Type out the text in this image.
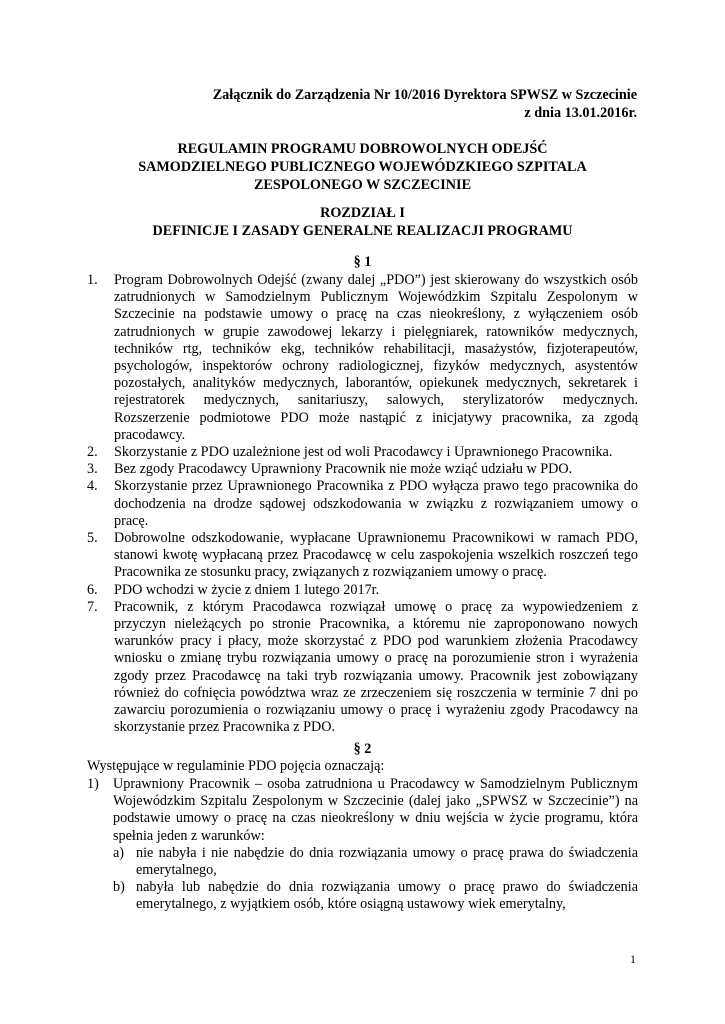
Załącznik do Zarządzenia Nr 10/2016 Dyrektora SPWSZ w Szczecinie
z dnia 13.01.2016r.
REGULAMIN PROGRAMU DOBROWOLNYCH ODEJŚĆ
SAMODZIELNEGO PUBLICZNEGO WOJEWÓDZKIEGO SZPITALA
ZESPOLONEGO W SZCZECINIE
ROZDZIAŁ I
DEFINICJE I ZASADY GENERALNE REALIZACJI PROGRAMU
§ 1
1. Program Dobrowolnych Odejść (zwany dalej „PDO”) jest skierowany do wszystkich osób zatrudnionych w Samodzielnym Publicznym Wojewódzkim Szpitalu Zespolonym w Szczecinie na podstawie umowy o pracę na czas nieokreślony, z wyłączeniem osób zatrudnionych w grupie zawodowej lekarzy i pielęgniarek, ratowników medycznych, techników rtg, techników ekg, techników rehabilitacji, masażystów, fizjoterapeutów, psychologów, inspektorów ochrony radiologicznej, fizyków medycznych, asystentów pozostałych, analityków medycznych, laborantów, opiekunek medycznych, sekretarek i rejestratorek medycznych, sanitariuszy, salowych, sterylizatorów medycznych. Rozszerzenie podmiotowe PDO może nastąpić z inicjatywy pracownika, za zgodą pracodawcy.
2. Skorzystanie z PDO uzależnione jest od woli Pracodawcy i Uprawnionego Pracownika.
3. Bez zgody Pracodawcy Uprawniony Pracownik nie może wziąć udziału w PDO.
4. Skorzystanie przez Uprawnionego Pracownika z PDO wyłącza prawo tego pracownika do dochodzenia na drodze sądowej odszkodowania w związku z rozwiązaniem umowy o pracę.
5. Dobrowolne odszkodowanie, wypłacane Uprawnionemu Pracownikowi w ramach PDO, stanowi kwotę wypłacaną przez Pracodawcę w celu zaspokojenia wszelkich roszczeń tego Pracownika ze stosunku pracy, związanych z rozwiązaniem umowy o pracę.
6. PDO wchodzi w życie z dniem 1 lutego 2017r.
7. Pracownik, z którym Pracodawca rozwiązał umowę o pracę za wypowiedzeniem z przyczyn nieleżących po stronie Pracownika, a któremu nie zaproponowano nowych warunków pracy i płacy, może skorzystać z PDO pod warunkiem złożenia Pracodawcy wniosku o zmianę trybu rozwiązania umowy o pracę na porozumienie stron i wyrażenia zgody przez Pracodawcę na taki tryb rozwiązania umowy. Pracownik jest zobowiązany również do cofnięcia powództwa wraz ze zrzeczeniem się roszczenia w terminie 7 dni po zawarciu porozumienia o rozwiązaniu umowy o pracę i wyrażeniu zgody Pracodawcy na skorzystanie przez Pracownika z PDO.
§ 2
Występujące w regulaminie PDO pojęcia oznaczają:
1) Uprawniony Pracownik – osoba zatrudniona u Pracodawcy w Samodzielnym Publicznym Wojewódzkim Szpitalu Zespolonym w Szczecinie (dalej jako „SPWSZ w Szczecinie”) na podstawie umowy o pracę na czas nieokreślony w dniu wejścia w życie programu, która spełnia jeden z warunków:
a) nie nabyła i nie nabędzie do dnia rozwiązania umowy o pracę prawa do świadczenia emerytalnego,
b) nabyła lub nabędzie do dnia rozwiązania umowy o pracę prawo do świadczenia emerytalnego, z wyjątkiem osób, które osiągną ustawowy wiek emerytalny,
1
